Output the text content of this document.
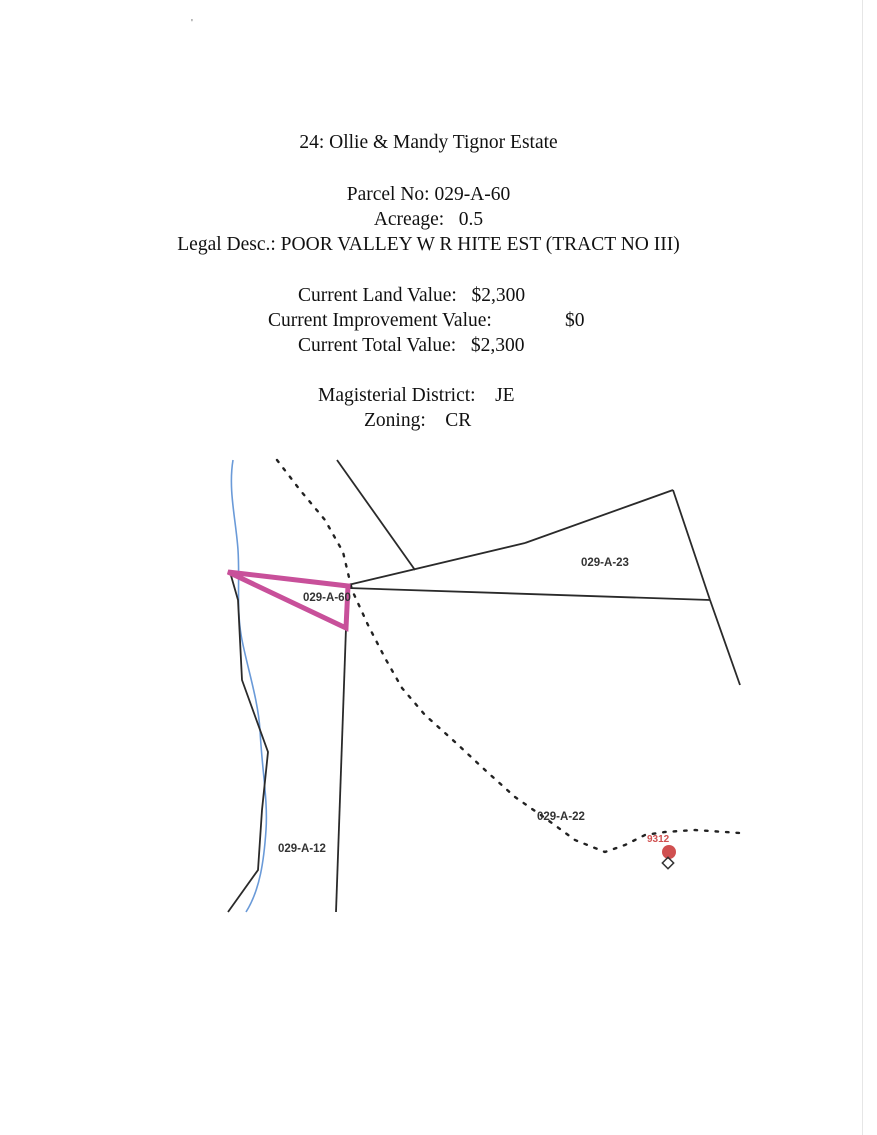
'
24: Ollie & Mandy Tignor Estate
Parcel No: 029-A-60
Acreage:   0.5
Legal Desc.: POOR VALLEY W R HITE EST (TRACT NO III)
Current Land Value:   $2,300
Current Improvement Value:	$0
Current Total Value:   $2,300
Magisterial District:    JE
Zoning:    CR
029-A-60
029-A-23
029-A-22
029-A-12
9312
